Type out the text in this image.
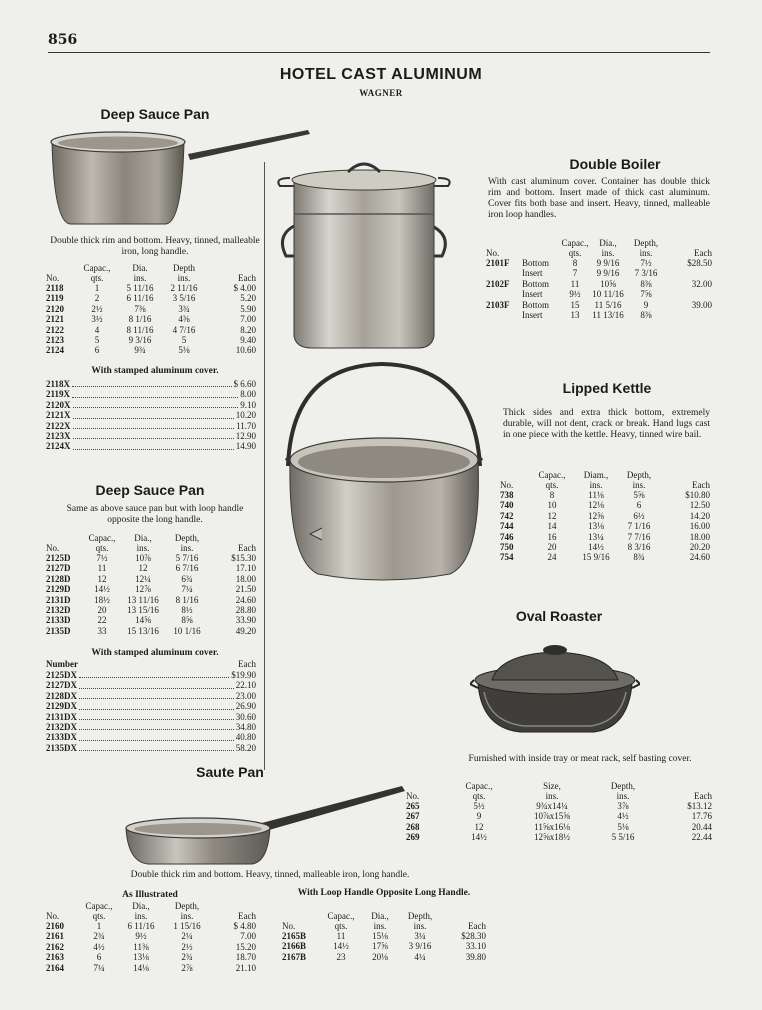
856
HOTEL CAST ALUMINUM
WAGNER
Deep Sauce Pan
Double thick rim and bottom. Heavy, tinned, malleable iron, long handle.
	Capac.,	Dia.	Depth	
No.	qts.	ins.	ins.	Each
2118	1	5 11/16	2 11/16	$ 4.00
2119	2	6 11/16	3 5/16	5.20
2120	2½	7⅜	3¾	5.90
2121	3½	8 1/16	4⅜	7.00
2122	4	8 11/16	4 7/16	8.20
2123	5	9 3/16	5	9.40
2124	6	9¾	5⅛	10.60
With stamped aluminum cover.
2118X	$ 6.60
2119X	8.00
2120X	9.10
2121X	10.20
2122X	11.70
2123X	12.90
2124X	14.90
Deep Sauce Pan
Same as above sauce pan but with loop handle opposite the long handle.
	Capac.,	Dia.,	Depth,	
No.	qts.	ins.	ins.	Each
2125D	7½	10⅞	5 7/16	$15.30
2127D	11	12	6 7/16	17.10
2128D	12	12¼	6¾	18.00
2129D	14½	12⅞	7¼	21.50
2131D	18½	13 11/16	8 1/16	24.60
2132D	20	13 15/16	8½	28.80
2133D	22	14⅝	8⅝	33.90
2135D	33	15 13/16	10 1/16	49.20
With stamped aluminum cover.
Number	Each
2125DX	$19.90
2127DX	22.10
2128DX	23.00
2129DX	26.90
2131DX	30.60
2132DX	34.80
2133DX	40.80
2135DX	58.20
Double Boiler
With cast aluminum cover. Container has double thick rim and bottom. Insert made of thick cast aluminum. Cover fits both base and insert. Heavy, tinned, malleable iron loop handles.
		Capac.,	Dia.,	Depth,	
No.		qts.	ins.	ins.	Each
2101F	Bottom	8	9 9/16	7½	$28.50
	Insert	7	9 9/16	7 3/16	
2102F	Bottom	11	10⅝	8⅜	32.00
	Insert	9½	10 11/16	7⅝	
2103F	Bottom	15	11 5/16	9	39.00
	Insert	13	11 13/16	8⅜	
Lipped Kettle
Thick sides and extra thick bottom, extremely durable, will not dent, crack or break. Hand lugs cast in one piece with the kettle. Heavy, tinned wire bail.
	Capac.,	Diam.,	Depth,	
No.	qts.	ins.	ins.	Each
738	8	11⅛	5⅝	$10.80
740	10	12⅛	6	12.50
742	12	12⅝	6½	14.20
744	14	13⅛	7 1/16	16.00
746	16	13¼	7 7/16	18.00
750	20	14½	8 3/16	20.20
754	24	15 9/16	8¾	24.60
Oval Roaster
Furnished with inside tray or meat rack, self basting cover.
	Capac.,	Size,	Depth,	
No.	qts.	ins.	ins.	Each
265	5½	9¾x14¼	3⅞	$13.12
267	9	10⅞x15⅝	4½	17.76
268	12	11⅝x16⅛	5⅛	20.44
269	14½	12⅝x18½	5 5/16	22.44
Saute Pan
Double thick rim and bottom. Heavy, tinned, malleable iron, long handle.
As Illustrated
	Capac.,	Dia.,	Depth,	
No.	qts.	ins.	ins.	Each
2160	1	6 11/16	1 15/16	$ 4.80
2161	2¾	9½	2¼	7.00
2162	4½	11⅜	2½	15.20
2163	6	13⅛	2¾	18.70
2164	7¼	14⅛	2⅞	21.10
With Loop Handle Opposite Long Handle.
	Capac.,	Dia.,	Depth,	
No.	qts.	ins.	ins.	Each
2165B	11	15⅛	3¼	$28.30
2166B	14½	17⅝	3 9/16	33.10
2167B	23	20⅛	4¼	39.80
